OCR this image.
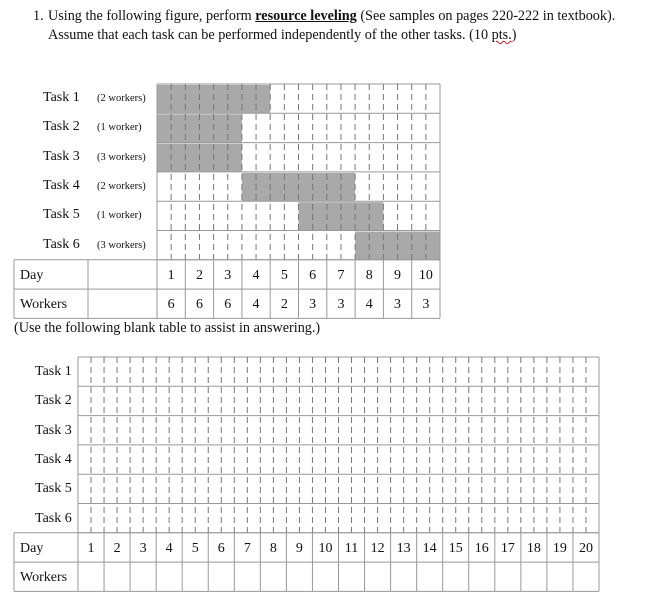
1. Using the following figure, perform resource leveling (See samples on pages 220-222 in textbook). Assume that each task can be performed independently of the other tasks. (10 pts.)
Day
Workers
1 2 3 4 5 6 7 8 9 10
6 6 6 4 2 3 3 4 3 3
Day
Workers
1 2 3 4 5 6 7 8 9 10 11 12 13 14 15 16 17 18 19 20
(Use the following blank table to assist in answering.)
Task 1 (2 workers)
Task 2 (1 worker)
Task 3 (3 workers)
Task 4 (2 workers)
Task 5 (1 worker)
Task 6 (3 workers)
Task 1
Task 2
Task 3
Task 4
Task 5
Task 6
